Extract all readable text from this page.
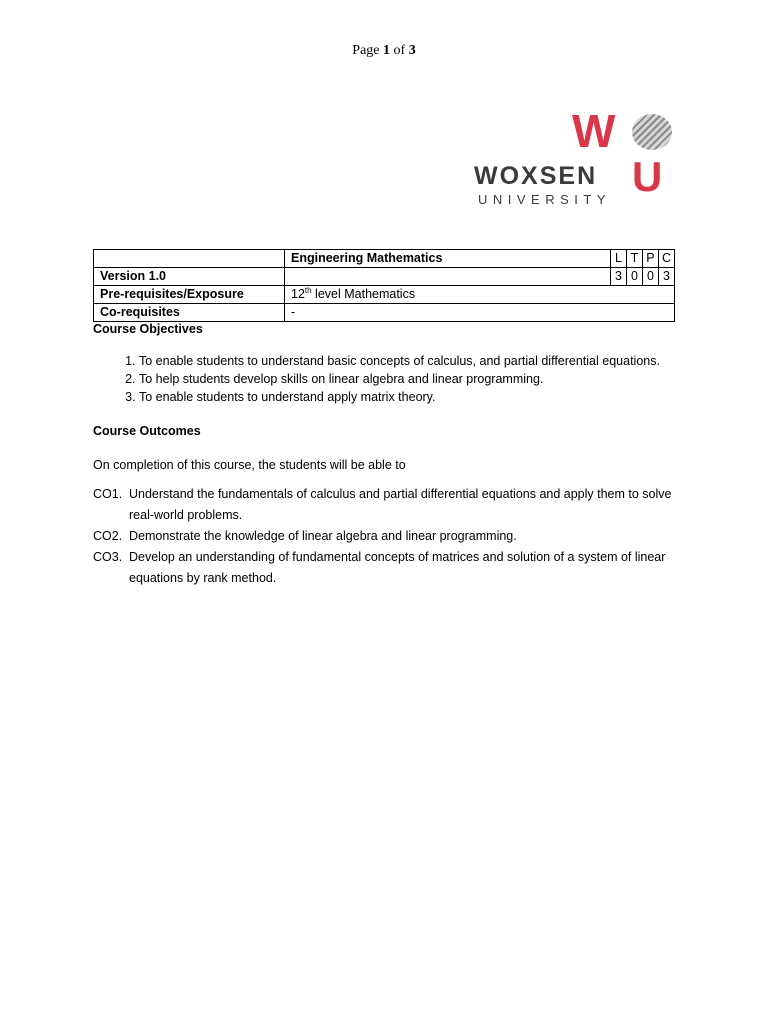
Page 1 of 3
W
WOXSEN U
UNIVERSITY
	Engineering Mathematics	L	T	P	C
Version 1.0		3	0	0	3
Pre-requisites/Exposure	12th level Mathematics				
Co-requisites	-				
Course Objectives
1. To enable students to understand basic concepts of calculus, and partial differential equations.
2. To help students develop skills on linear algebra and linear programming.
3. To enable students to understand apply matrix theory.
Course Outcomes
On completion of this course, the students will be able to
CO1. Understand the fundamentals of calculus and partial differential equations and apply them to solve real-world problems.
CO2. Demonstrate the knowledge of linear algebra and linear programming.
CO3. Develop an understanding of fundamental concepts of matrices and solution of a system of linear equations by rank method.
